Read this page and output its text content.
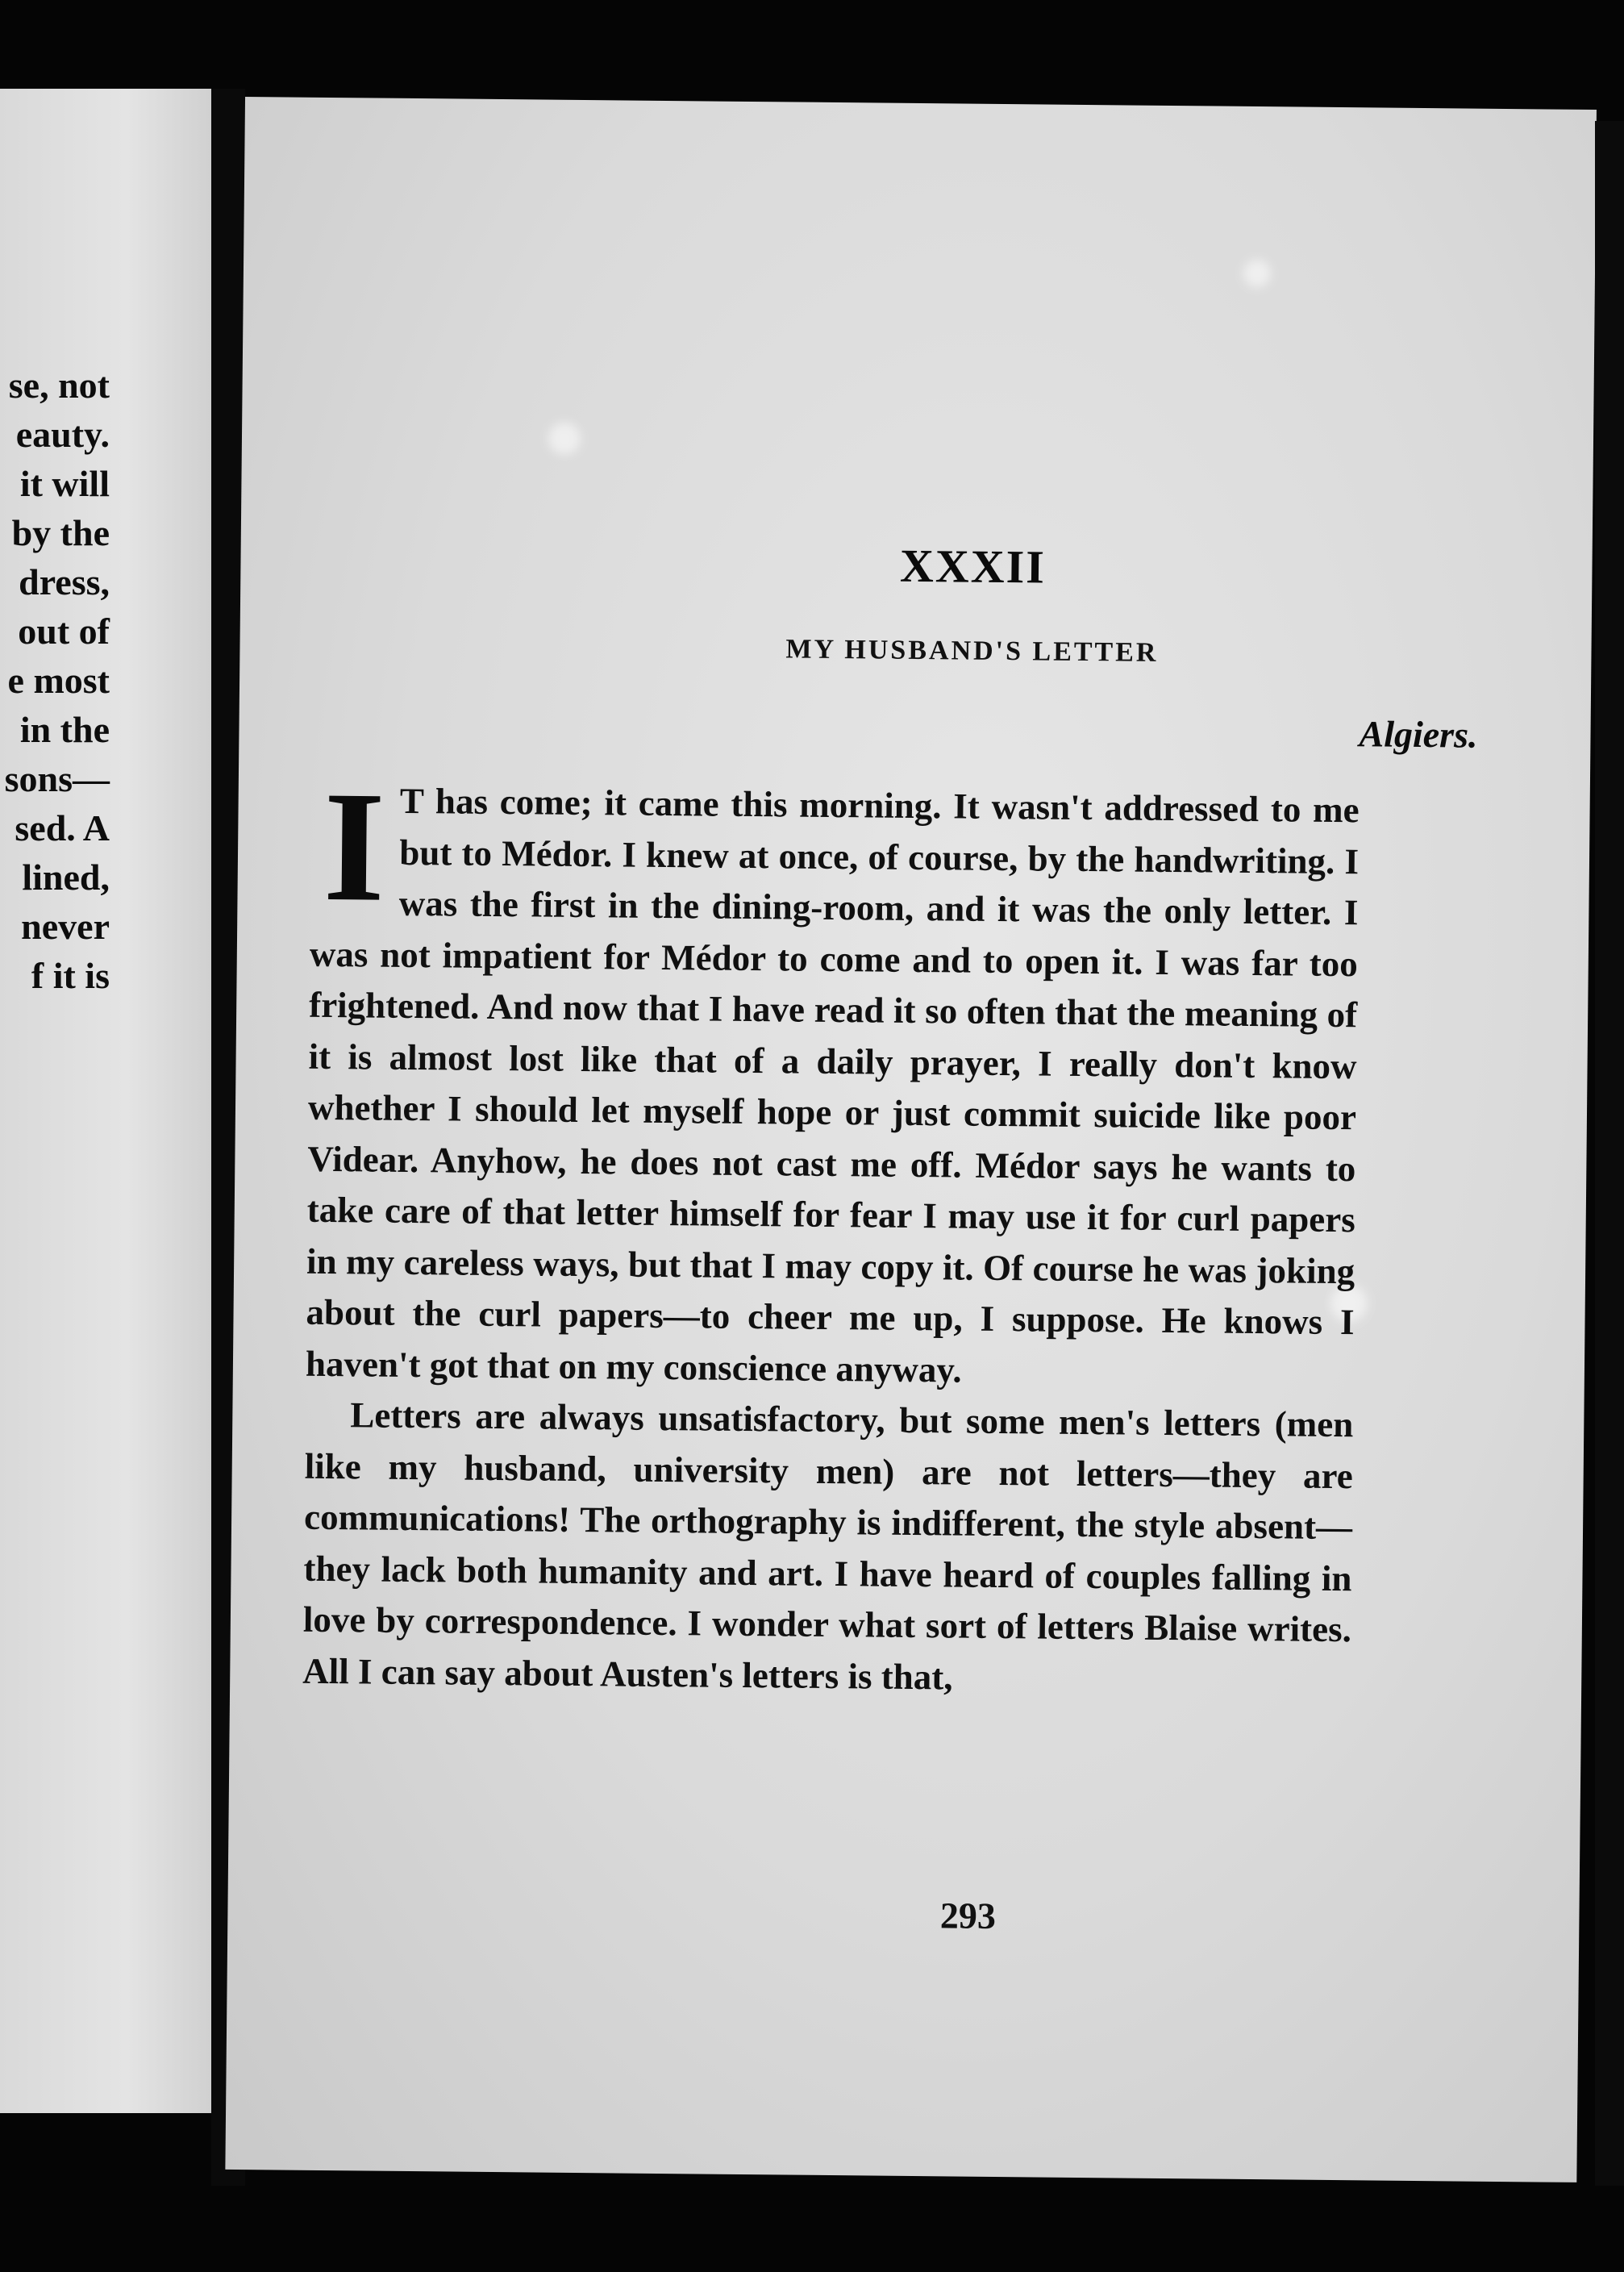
se, not
eauty.
it will
by the
dress,
out of
e most
in the
sons—
sed. A
lined,
never
f it is
XXXII
MY HUSBAND'S LETTER
Algiers.

I T has come; it came this morning. It wasn't addressed to me but to Médor. I knew at once, of course, by the handwriting. I was the first in the dining-room, and it was the only letter. I was not impatient for Médor to come and to open it. I was far too frightened. And now that I have read it so often that the meaning of it is almost lost like that of a daily prayer, I really don't know whether I should let myself hope or just commit suicide like poor Videar. Anyhow, he does not cast me off. Médor says he wants to take care of that letter himself for fear I may use it for curl papers in my careless ways, but that I may copy it. Of course he was joking about the curl papers—to cheer me up, I suppose. He knows I haven't got that on my conscience anyway.

Letters are always unsatisfactory, but some men's letters (men like my husband, university men) are not letters—they are communications! The orthography is indifferent, the style absent—they lack both humanity and art. I have heard of couples falling in love by correspondence. I wonder what sort of letters Blaise writes. All I can say about Austen's letters is that,

293
